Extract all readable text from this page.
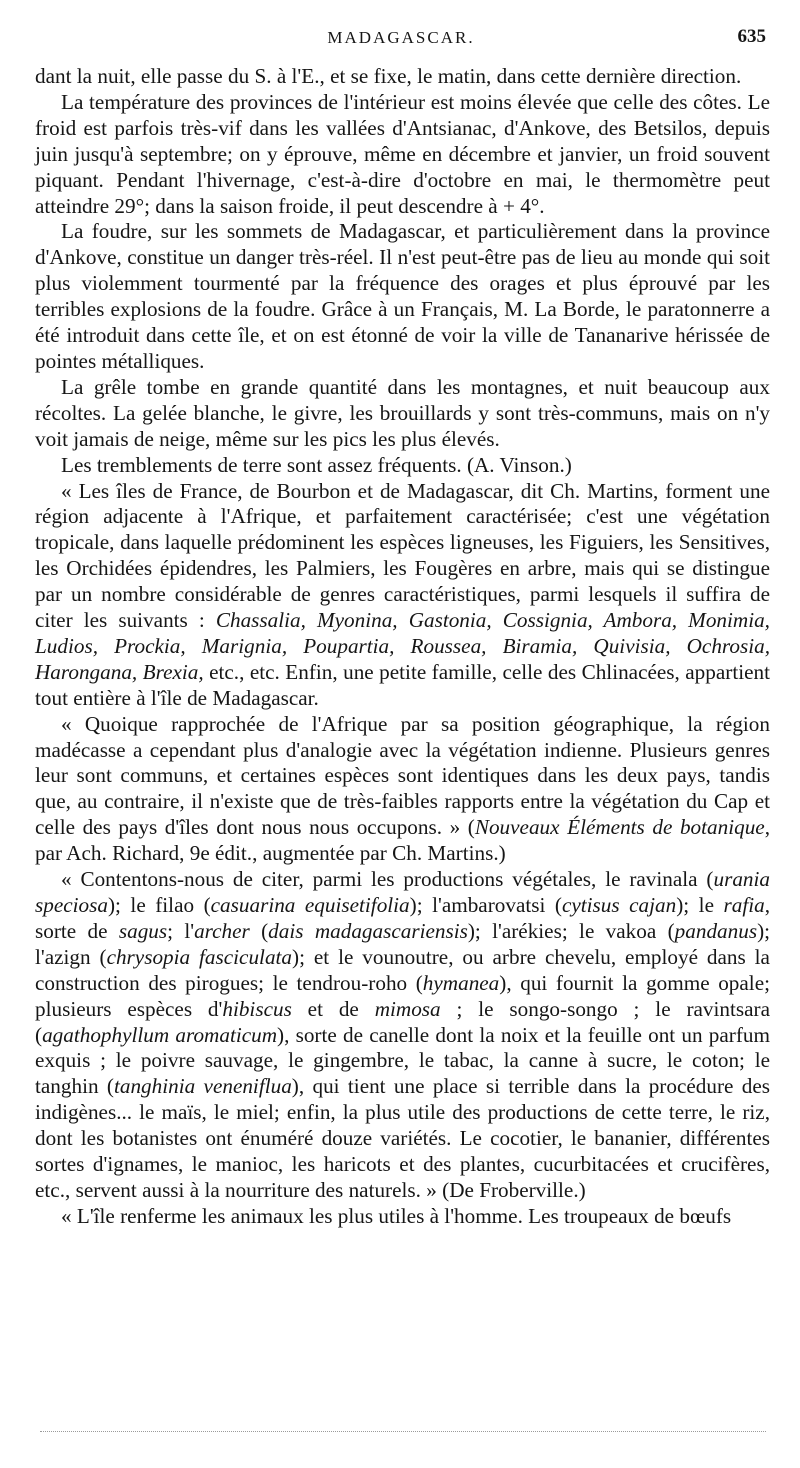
MADAGASCAR.	635

dant la nuit, elle passe du S. à l'E., et se fixe, le matin, dans cette dernière direction.

La température des provinces de l'intérieur est moins élevée que celle des côtes. Le froid est parfois très-vif dans les vallées d'Antsianac, d'Ankove, des Betsilos, depuis juin jusqu'à septembre; on y éprouve, même en décembre et janvier, un froid souvent piquant. Pendant l'hivernage, c'est-à-dire d'octobre en mai, le thermomètre peut atteindre 29°; dans la saison froide, il peut descendre à + 4°.

La foudre, sur les sommets de Madagascar, et particulièrement dans la province d'Ankove, constitue un danger très-réel. Il n'est peut-être pas de lieu au monde qui soit plus violemment tourmenté par la fréquence des orages et plus éprouvé par les terribles explosions de la foudre. Grâce à un Français, M. La Borde, le paratonnerre a été introduit dans cette île, et on est étonné de voir la ville de Tananarive hérissée de pointes métalliques.

La grêle tombe en grande quantité dans les montagnes, et nuit beaucoup aux récoltes. La gelée blanche, le givre, les brouillards y sont très-communs, mais on n'y voit jamais de neige, même sur les pics les plus élevés.

Les tremblements de terre sont assez fréquents. (A. Vinson.)

« Les îles de France, de Bourbon et de Madagascar, dit Ch. Martins, forment une région adjacente à l'Afrique, et parfaitement caractérisée; c'est une végétation tropicale, dans laquelle prédominent les espèces ligneuses, les Figuiers, les Sensitives, les Orchidées épidendres, les Palmiers, les Fougères en arbre, mais qui se distingue par un nombre considérable de genres caractéristiques, parmi lesquels il suffira de citer les suivants : Chassalia, Myonina, Gastonia, Cossignia, Ambora, Monimia, Ludios, Prockia, Marignia, Poupartia, Roussea, Biramia, Quivisia, Ochrosia, Harongana, Brexia, etc., etc. Enfin, une petite famille, celle des Chlinacées, appartient tout entière à l'île de Madagascar.

« Quoique rapprochée de l'Afrique par sa position géographique, la région madécasse a cependant plus d'analogie avec la végétation indienne. Plusieurs genres leur sont communs, et certaines espèces sont identiques dans les deux pays, tandis que, au contraire, il n'existe que de très-faibles rapports entre la végétation du Cap et celle des pays d'îles dont nous nous occupons. » (Nouveaux Éléments de botanique, par Ach. Richard, 9e édit., augmentée par Ch. Martins.)

« Contentons-nous de citer, parmi les productions végétales, le ravinala (urania speciosa); le filao (casuarina equisetifolia); l'ambarovatsi (cytisus cajan); le rafia, sorte de sagus; l'archer (dais madagascariensis); l'arékies; le vakoa (pandanus); l'azign (chrysopia fasciculata); et le vounoutre, ou arbre chevelu, employé dans la construction des pirogues; le tendrou-roho (hymanea), qui fournit la gomme opale; plusieurs espèces d'hibiscus et de mimosa ; le songo-songo ; le ravintsara (agathophyllum aromaticum), sorte de canelle dont la noix et la feuille ont un parfum exquis ; le poivre sauvage, le gingembre, le tabac, la canne à sucre, le coton; le tanghin (tanghinia veneniflua), qui tient une place si terrible dans la procédure des indigènes... le maïs, le miel; enfin, la plus utile des productions de cette terre, le riz, dont les botanistes ont énuméré douze variétés. Le cocotier, le bananier, différentes sortes d'ignames, le manioc, les haricots et des plantes, cucurbitacées et crucifères, etc., servent aussi à la nourriture des naturels. » (De Froberville.)

« L'île renferme les animaux les plus utiles à l'homme. Les troupeaux de bœufs
